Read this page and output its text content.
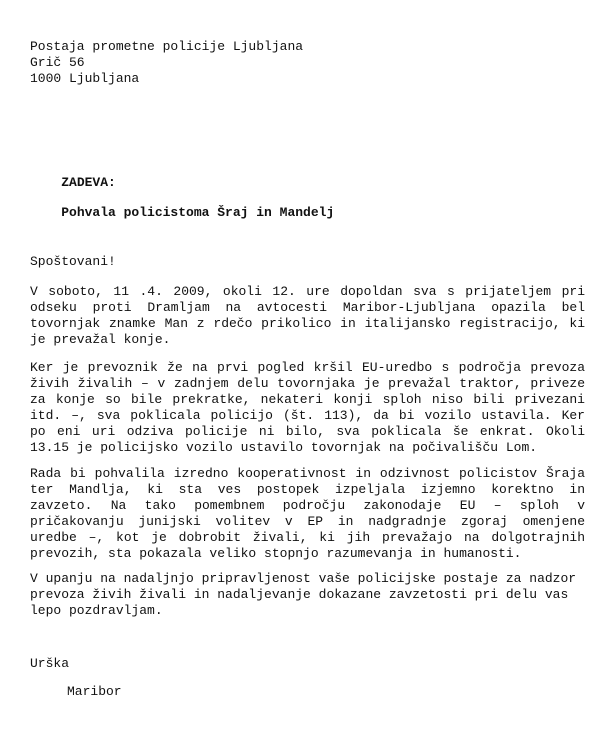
Postaja prometne policije Ljubljana
Grič 56
1000 Ljubljana

ZADEVA:

Pohvala policistoma Šraj in Mandelj

Spoštovani!
V soboto, 11 .4. 2009, okoli 12. ure dopoldan sva s prijateljem pri
odseku proti Dramljam na avtocesti Maribor-Ljubljana opazila bel
tovornjak znamke Man z rdečo prikolico in italijansko registracijo, ki
je prevažal konje.
Ker je prevoznik že na prvi pogled kršil EU-uredbo s področja prevoza
živih živalih – v zadnjem delu tovornjaka je prevažal traktor, priveze
za konje so bile prekratke, nekateri konji sploh niso bili privezani
itd. –, sva poklicala policijo (št. 113), da bi vozilo ustavila. Ker
po eni uri odziva policije ni bilo, sva poklicala še enkrat. Okoli
13.15 je policijsko vozilo ustavilo tovornjak na počivališču Lom.
Rada bi pohvalila izredno kooperativnost in odzivnost policistov Šraja
ter Mandlja, ki sta ves postopek izpeljala izjemno korektno in
zavzeto. Na tako pomembnem področju zakonodaje EU – sploh v
pričakovanju junijski volitev v EP in nadgradnje zgoraj omenjene
uredbe –, kot je dobrobit živali, ki jih prevažajo na dolgotrajnih
prevozih, sta pokazala veliko stopnjo razumevanja in humanosti.
V upanju na nadaljnjo pripravljenost vaše policijske postaje za nadzor
prevoza živih živali in nadaljevanje dokazane zavzetosti pri delu vas
lepo pozdravljam.
Urška
Maribor
